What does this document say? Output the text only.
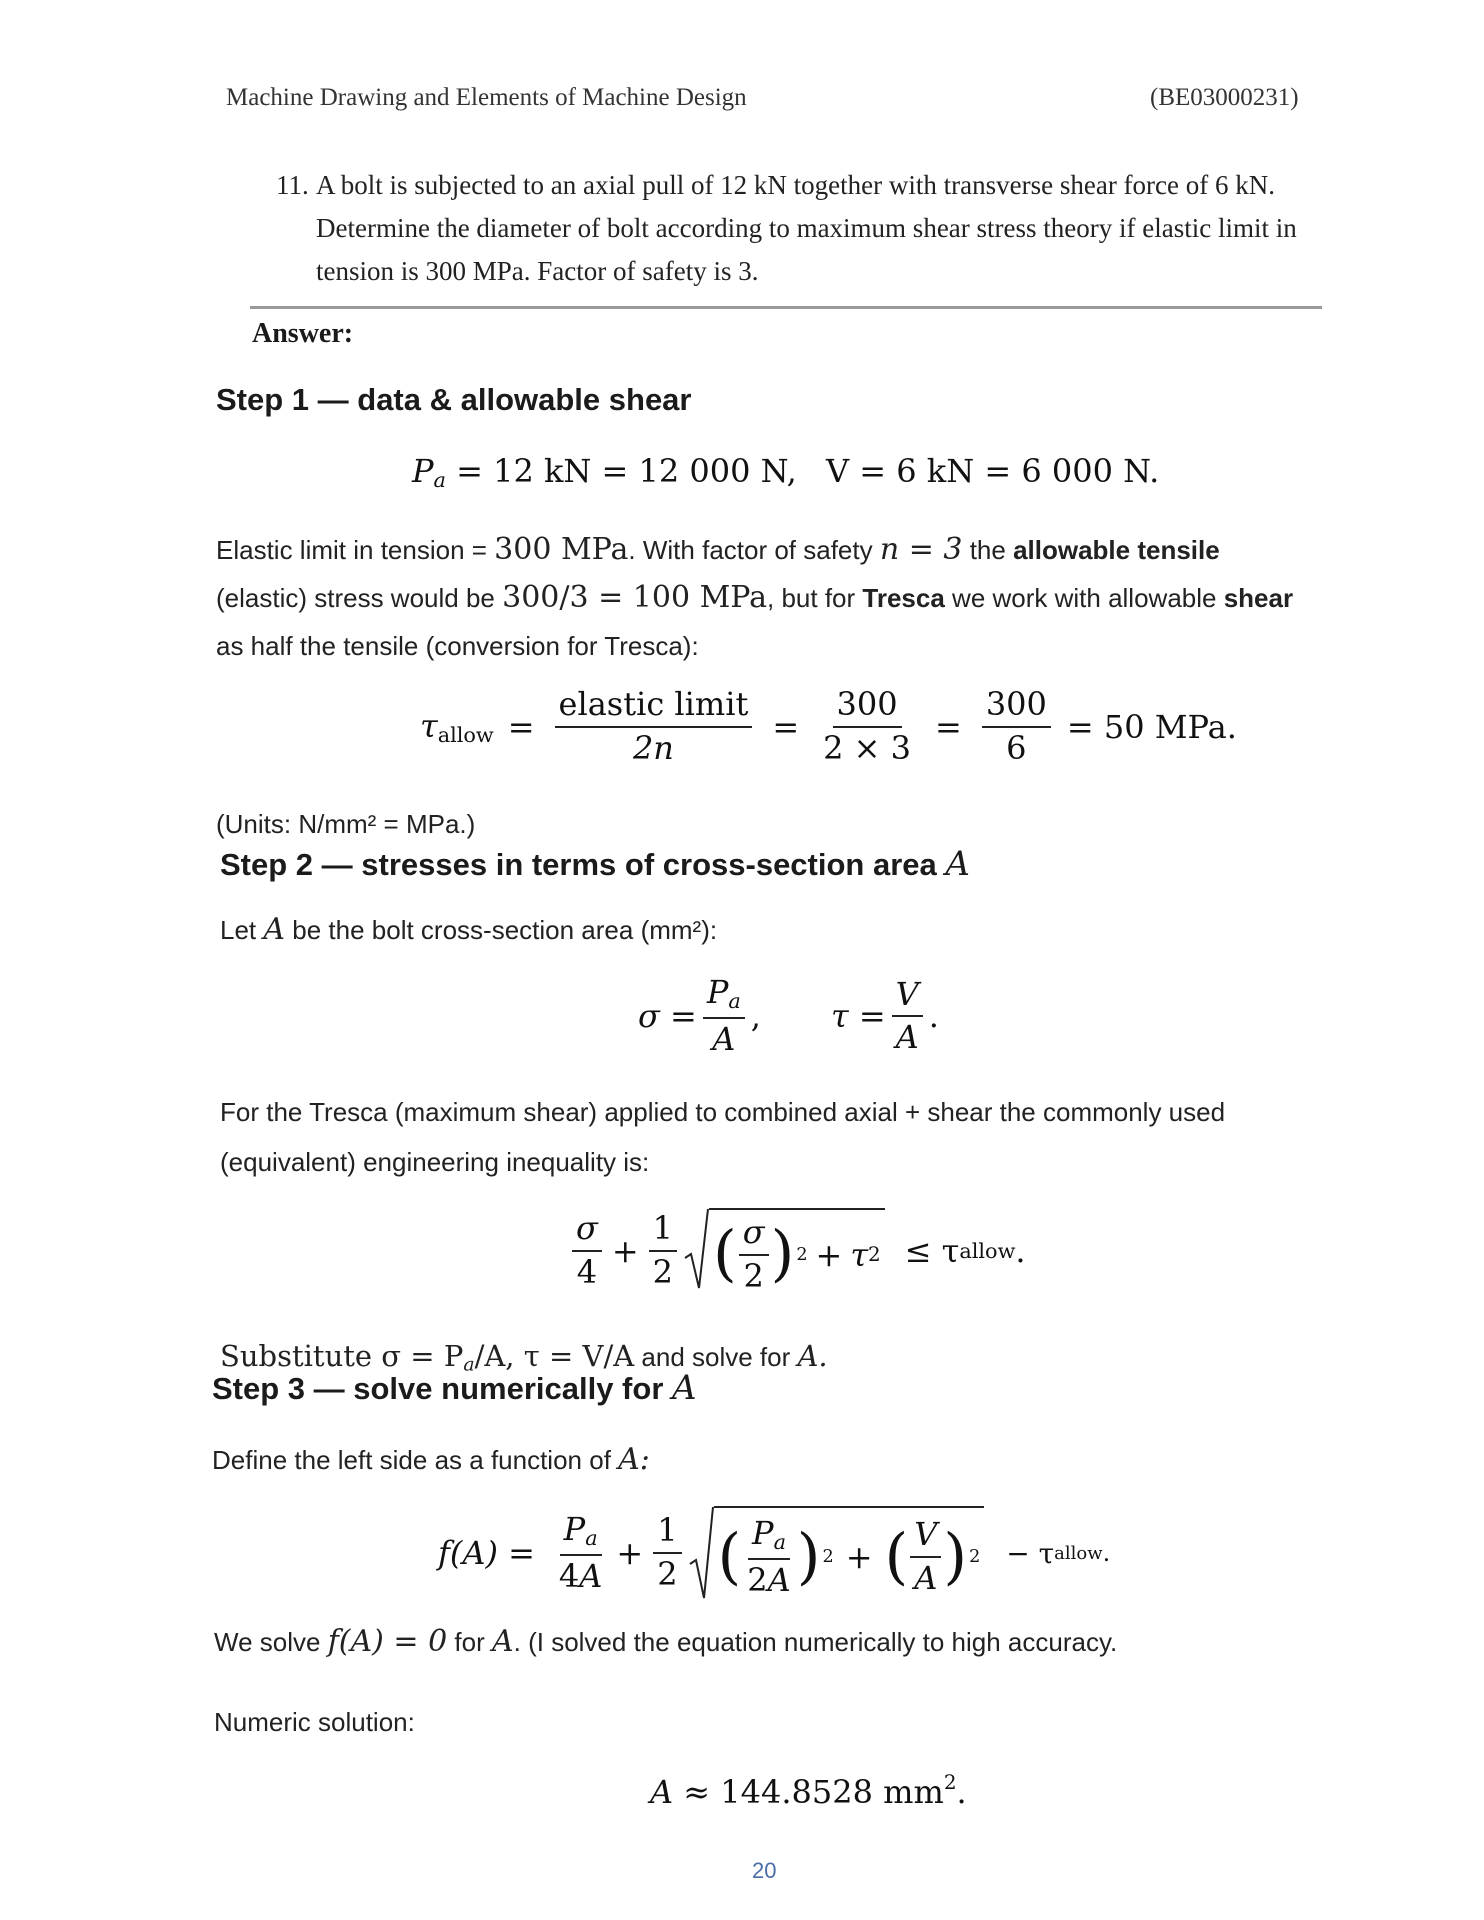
Machine Drawing and Elements of Machine Design	(BE03000231)
11. A bolt is subjected to an axial pull of 12 kN together with transverse shear force of 6 kN.
Determine the diameter of bolt according to maximum shear stress theory if elastic limit in
tension is 300 MPa. Factor of safety is 3.
Answer:
Step 1 — data & allowable shear
$P_a = 12$ kN = 12 000 N, V = 6 kN = 6 000 N.
Elastic limit in tension = 300 MPa. With factor of safety n = 3 the allowable tensile
(elastic) stress would be 300/3 = 100 MPa, but for Tresca we work with allowable shear
as half the tensile (conversion for Tresca):
$\tau_{allow} = \frac{\text{elastic limit}}{2n} = \frac{300}{2 \times 3} = \frac{300}{6} = 50$ MPa.
(Units: N/mm² = MPa.)
Step 2 — stresses in terms of cross-section area A
Let A be the bolt cross-section area (mm²):
$\sigma = \frac{P_a}{A}$ , $\tau = \frac{V}{A}$ .
For the Tresca (maximum shear) applied to combined axial + shear the commonly used
(equivalent) engineering inequality is:
$\frac{\sigma}{4} + \frac{1}{2}$ ( $\frac{\sigma}{2}$ ) 2 + τ 2 ≤ τ allow .
Substitute $\sigma = P_a/A$, τ = V/A and solve for A.
Step 3 — solve numerically for A
Define the left side as a function of A:
$f(A) = \frac{P_a}{4A} + \frac{1}{2}$ ( $\frac{P_a}{2A}$ ) 2 + ( $\frac{V}{A}$ ) 2 − τ allow .
We solve f(A) = 0 for A. (I solved the equation numerically to high accuracy.
Numeric solution:
A ≈ 144.8528 $mm^2$.
20
